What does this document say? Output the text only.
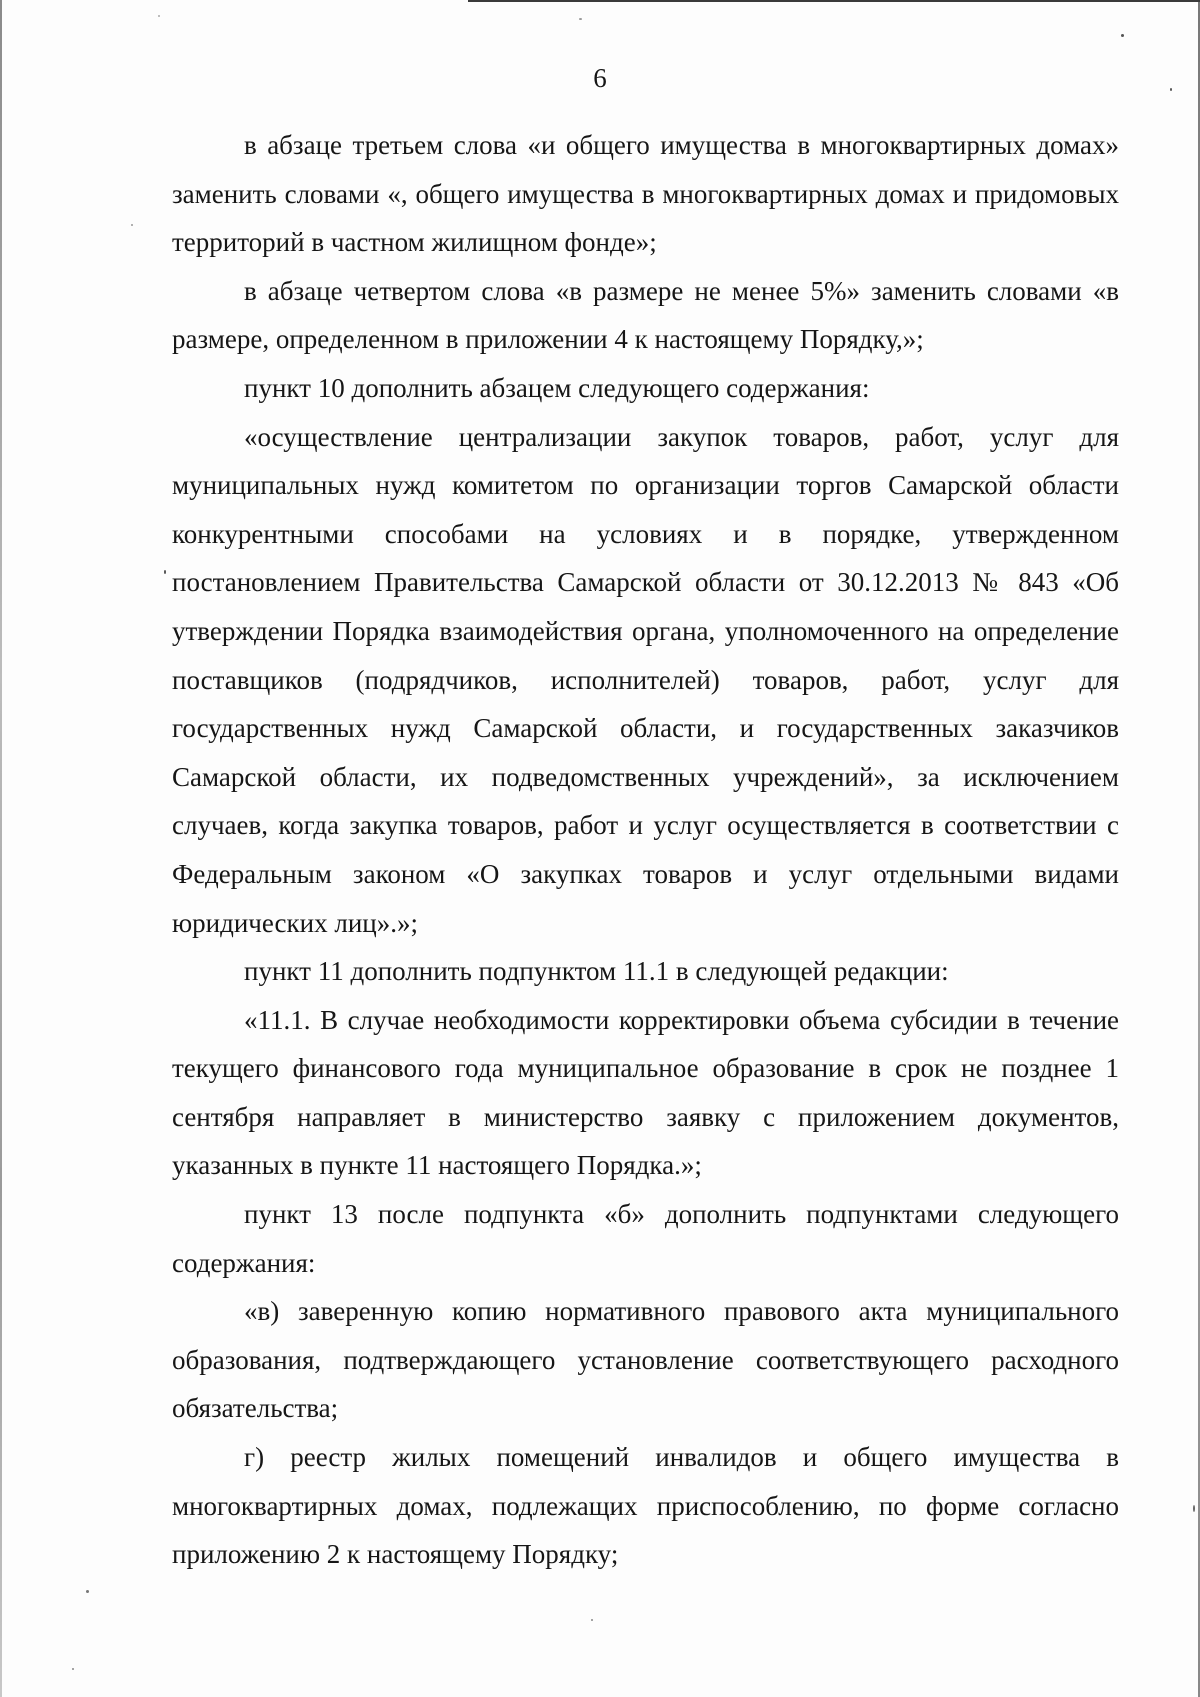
6

в абзаце третьем слова «и общего имущества в многоквартирных домах» заменить словами «, общего имущества в многоквартирных домах и придомовых территорий в частном жилищном фонде»;

в абзаце четвертом слова «в размере не менее 5%» заменить словами «в размере, определенном в приложении 4 к настоящему Порядку,»;

пункт 10 дополнить абзацем следующего содержания:

«осуществление централизации закупок товаров, работ, услуг для муниципальных нужд комитетом по организации торгов Самарской области конкурентными способами на условиях и в порядке, утвержденном постановлением Правительства Самарской области от 30.12.2013 № 843 «Об утверждении Порядка взаимодействия органа, уполномоченного на определение поставщиков (подрядчиков, исполнителей) товаров, работ, услуг для государственных нужд Самарской области, и государственных заказчиков Самарской области, их подведомственных учреждений», за исключением случаев, когда закупка товаров, работ и услуг осуществляется в соответствии с Федеральным законом «О закупках товаров и услуг отдельными видами юридических лиц».»;

пункт 11 дополнить подпунктом 11.1 в следующей редакции:

«11.1. В случае необходимости корректировки объема субсидии в течение текущего финансового года муниципальное образование в срок не позднее 1 сентября направляет в министерство заявку с приложением документов, указанных в пункте 11 настоящего Порядка.»;

пункт 13 после подпункта «б» дополнить подпунктами следующего содержания:

«в) заверенную копию нормативного правового акта муниципального образования, подтверждающего установление соответствующего расходного обязательства;

г) реестр жилых помещений инвалидов и общего имущества в многоквартирных домах, подлежащих приспособлению, по форме согласно приложению 2 к настоящему Порядку;
